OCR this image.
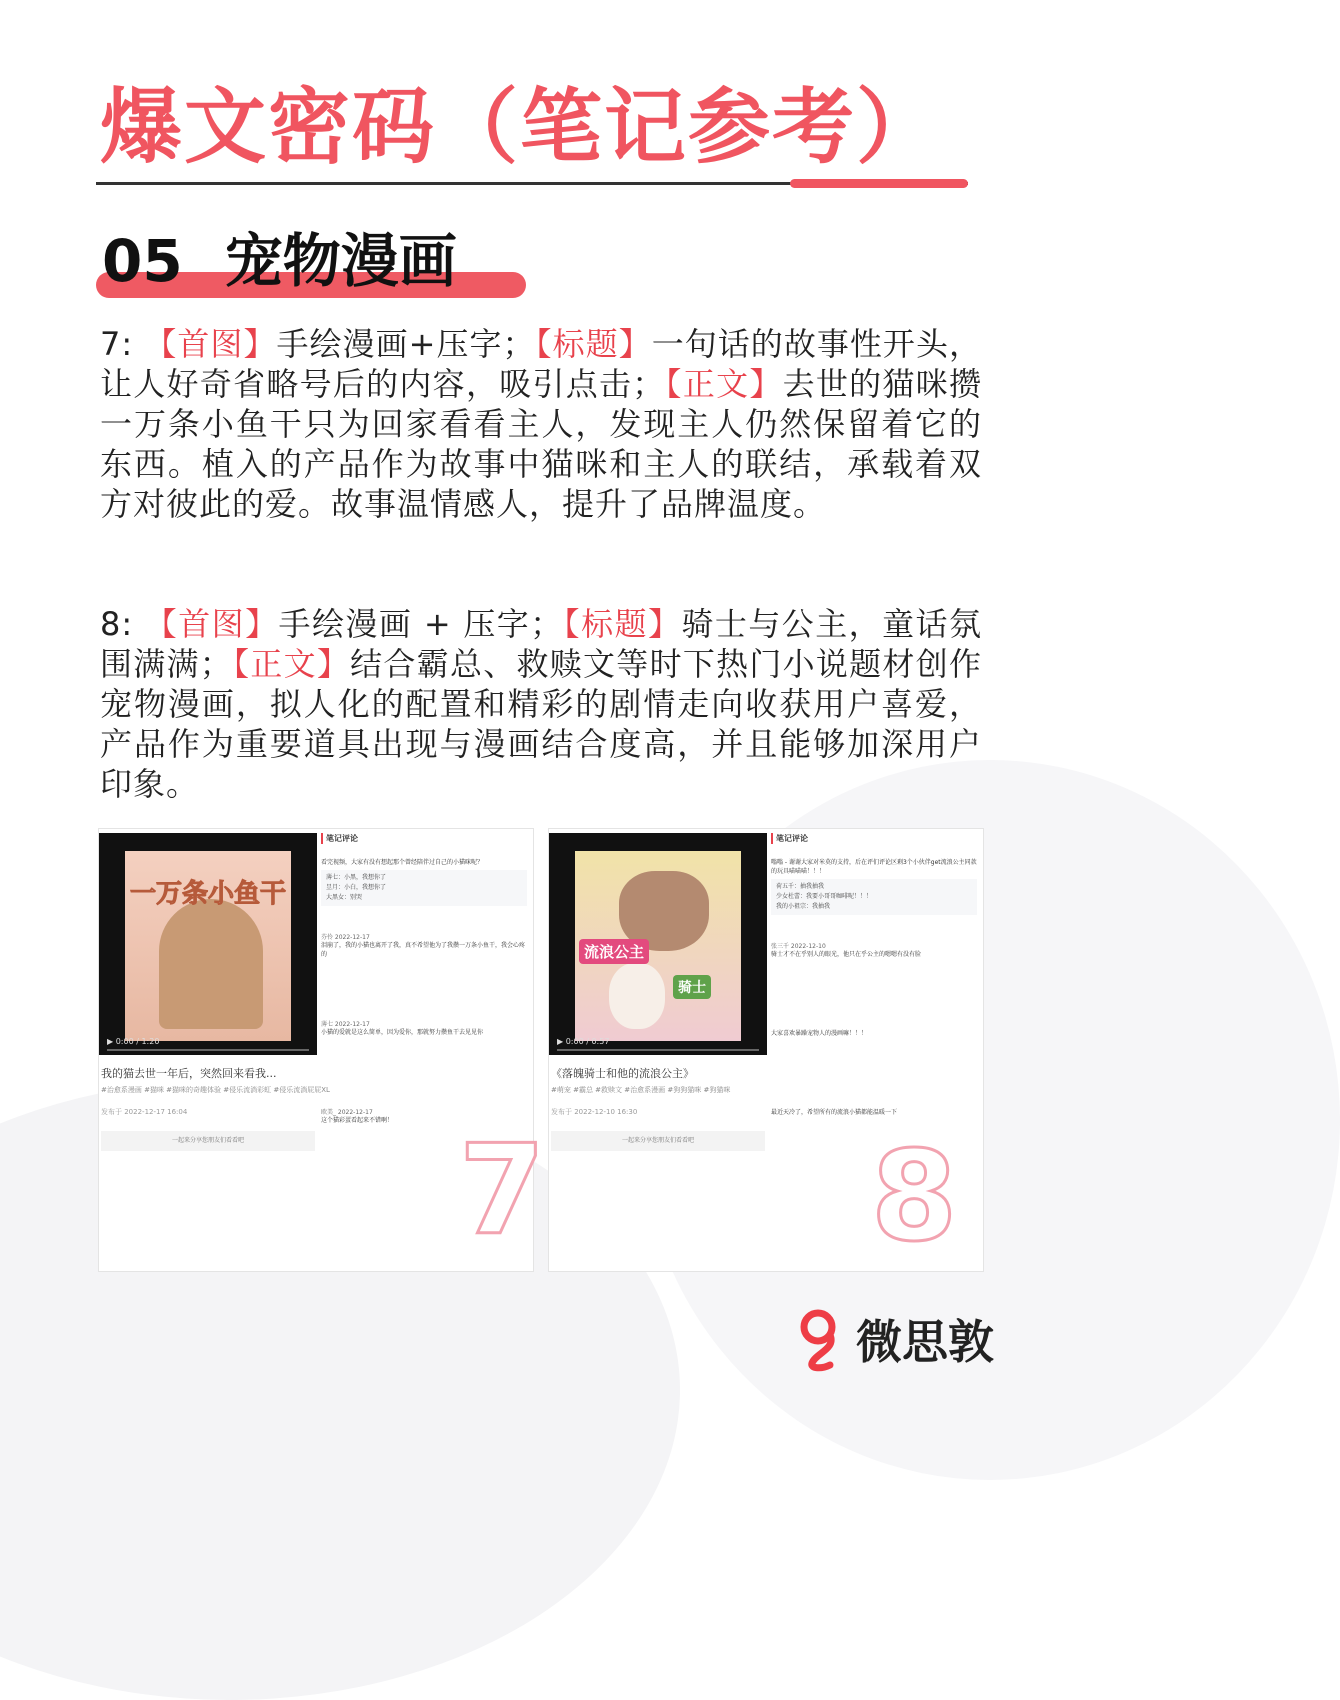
爆文密码（笔记参考）
05 宠物漫画
7: 【首图】手绘漫画+压字；【标题】一句话的故事性开头，让人好奇省略号后的内容，吸引点击；【正文】去世的猫咪攒一万条小鱼干只为回家看看主人，发现主人仍然保留着它的东西。植入的产品作为故事中猫咪和主人的联结，承载着双方对彼此的爱。故事温情感人，提升了品牌温度。
8: 【首图】手绘漫画 + 压字；【标题】骑士与公主，童话氛围满满；【正文】结合霸总、救赎文等时下热门小说题材创作宠物漫画，拟人化的配置和精彩的剧情走向收获用户喜爱，产品作为重要道具出现与漫画结合度高，并且能够加深用户印象。
一万条小鱼干
▶ 0:00 / 1:20
我的猫去世一年后，突然回来看我...
#治愈系漫画 #猫咪 #猫咪的奇趣体验 #侵乐流淌彩虹 #侵乐流淌屁屁XL
发布于 2022-12-17 16:04
一起来分享您朋友们看看吧
笔记评论
看完视频，大家有没有想起那个曾经陪伴过自己的小猫咪呢？
薄七：小黑，我想你了
昱月：小白，我想你了
大黑女：别哭
芬伶 2022-12-17
泪崩了，我的小猫也离开了我，真不希望他为了我攒一万条小鱼干，我会心疼的
薄七 2022-12-17
小猫的爱就是这么简单，因为爱你，那就努力攒鱼干去见见你
欧美_ 2022-12-17
这个猫彩蛋看起来不错啊！ 7
流浪公主
骑士
▶ 0:00 / 0:57
《落魄骑士和他的流浪公主》
#萌宠 #霸总 #救赎文 #治愈系漫画 #狗狗猫咪 #狗猫咪
发布于 2022-12-10 16:30
一起来分享您朋友们看看吧
笔记评论
嗡嗡 - 谢谢大家对米莫的支持，后在评们评论区剩3个小伙伴get流浪公主同款的玩具喵喵喵！！！
荷五千：抽我抽我
少女杜蕾：我要小哥哥咖啡呢！！！
我的小祖宗：我抽我
张三千 2022-12-10
骑士才不在乎别人的眼光，他只在乎公主的嗯嗯有没有脸
大家喜欢暴躁宠物人的漫画嘛！！！
最近天冷了，希望所有的流浪小猫都能温暖一下
8
微思敦
